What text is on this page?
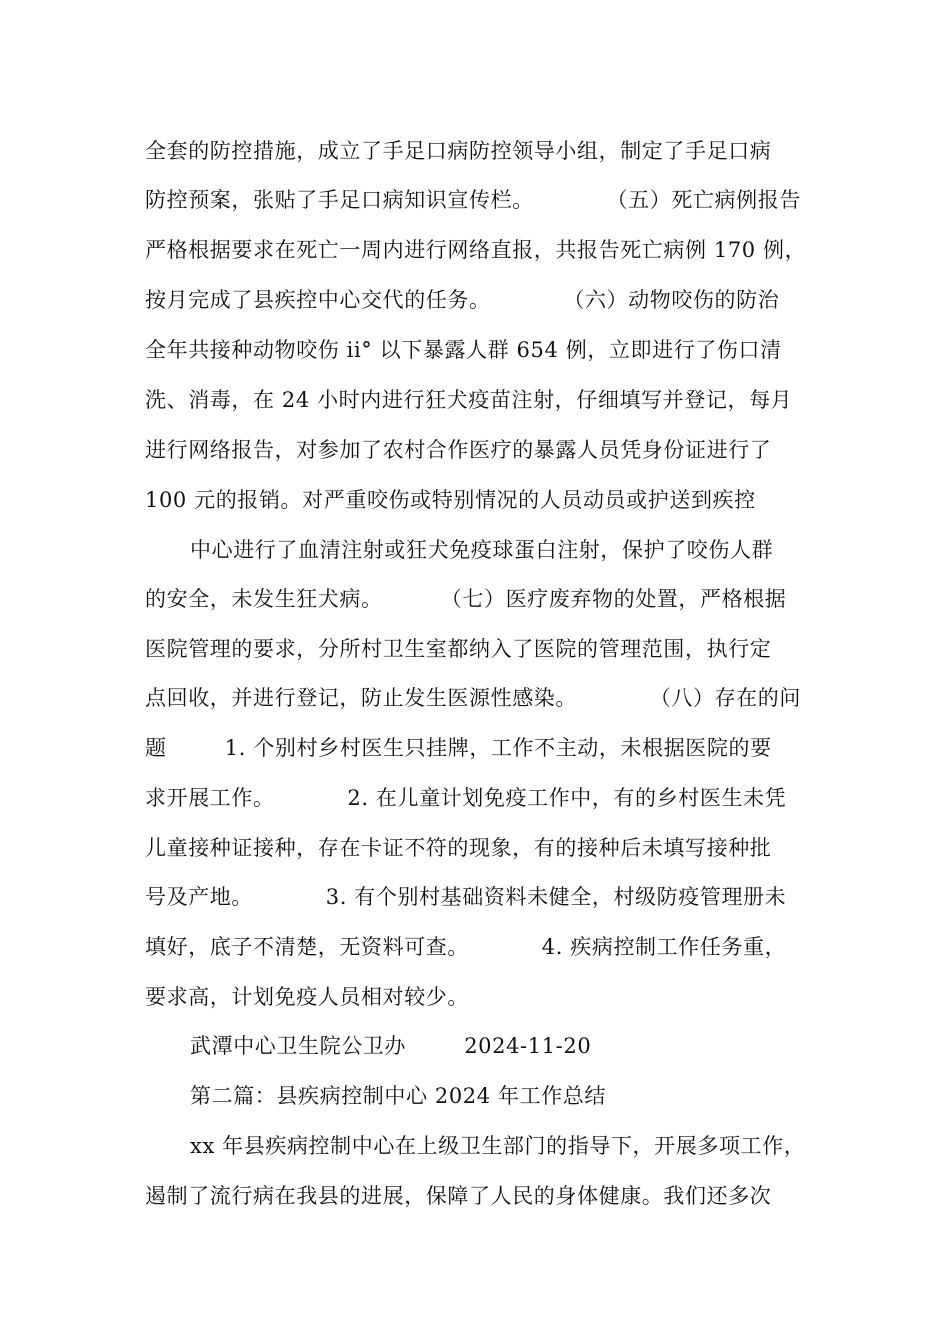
全套的防控措施，成立了手足口病防控领导小组，制定了手足口病
防控预案，张贴了手足口病知识宣传栏。          （五）死亡病例报告
严格根据要求在死亡一周内进行网络直报，共报告死亡病例 170 例，
按月完成了县疾控中心交代的任务。          （六）动物咬伤的防治
全年共接种动物咬伤 ii° 以下暴露人群 654 例，立即进行了伤口清
洗、消毒，在 24 小时内进行狂犬疫苗注射，仔细填写并登记，每月
进行网络报告，对参加了农村合作医疗的暴露人员凭身份证进行了
100 元的报销。对严重咬伤或特别情况的人员动员或护送到疾控
中心进行了血清注射或狂犬免疫球蛋白注射，保护了咬伤人群
的安全，未发生狂犬病。        （七）医疗废弃物的处置，严格根据
医院管理的要求，分所村卫生室都纳入了医院的管理范围，执行定
点回收，并进行登记，防止发生医源性感染。          （八）存在的问
题        1. 个别村乡村医生只挂牌，工作不主动，未根据医院的要
求开展工作。          2. 在儿童计划免疫工作中，有的乡村医生未凭
儿童接种证接种，存在卡证不符的现象，有的接种后未填写接种批
号及产地。          3. 有个别村基础资料未健全，村级防疫管理册未
填好，底子不清楚，无资料可查。          4. 疾病控制工作任务重，
要求高，计划免疫人员相对较少。
武潭中心卫生院公卫办        2024-11-20
第二篇：县疾病控制中心 2024 年工作总结
xx 年县疾病控制中心在上级卫生部门的指导下，开展多项工作，
遏制了流行病在我县的进展，保障了人民的身体健康。我们还多次
